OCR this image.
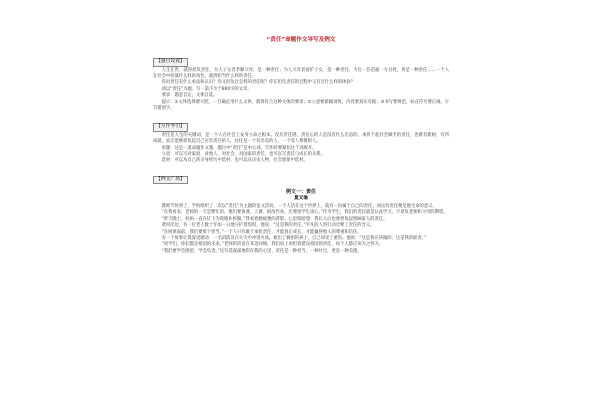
“责任”命题作文导写及例文
【题目设置】

人生在世，就得担负责任，为人子女者孝顺父母，是一种责任；为人父母者爱护子女，是一种责任；为官一任造福一方百姓，更是一种责任……一个人在社会中扮演什么样的角色，就得担当什么样的责任。

你对责任有什么看法和认识？你又担负过怎样的责任呢？你在担负责任的过程中又有过什么样的体验？

请以“责任”为题，写一篇不少于800字的文章。

要求：题意自定，文体自选。

提示：①文体选择要大胆，一旦确定用什么文体，就得符合这种文体的要求；②立意要新颖别致，内容要真实有据；③书写要规范，标点符号要正确，少写错别字。

【写作导引】

责任是人生的关键词，是一个人在社会上安身立命之根本。没有责任感，责任心的人是没有什么出息的，承担不起社会赋予的责任，也难有建树，有所成就。真正能够担负起自己应负责任的人，往往是一个有出息的人，一个受人尊敬的人。

审题：这是一道命题作文题，题目中“责任”是中心词，写作时要紧扣这个词展开。

立意：可以写对家庭、对他人、对社会、对国家的责任，也可以写责任与成长的关系。

选材：可以从自己的亲身经历中选材，也可以从历史人物、社会现象中选材。

【例文广场】
例文一：责任
夏文瑜

教师节快到了，学校组织了一次以“责任”为主题的征文活动。一个人活在这个世界上，就有一份属于自己的责任，而这份责任便是他生命的意义。

“在我看来，老师的一天是繁忙的，他们要备课、上课、批改作业，还要找学生谈心。”作为学生，我们的责任就是认真学习，不辜负老师和父母的期望。

“昨天晚上，妈妈一直在灯下为我缝补校服。”我看着她疲惫的背影，心里暗暗想：我长大后也要担负起照顾家人的责任。

黄河岸边，有一位老人数十年如一日地守护着堤坝，他说：“这是我的责任。”平凡的人用行动诠释了责任的含义。

“在困难面前，我们要勇于担当。”一个人只有敢于承担责任，才能真正成长，才能赢得他人的尊重和信任。

有一个故事让我深受感动：一名消防员在火灾中冲进火场，救出了被困的孩子，自己却受了重伤。他说：“这是我应该做的，这是我的职责。”

“同学们，你们都是祖国的未来。”老师的话语在耳边回响，我们肩上承担着建设祖国的责任，每个人都应该为之努力。

“我们要学会感恩，学会负责。”这句话深深地印在我的心里，责任是一种担当，一种付出，更是一种美德。
